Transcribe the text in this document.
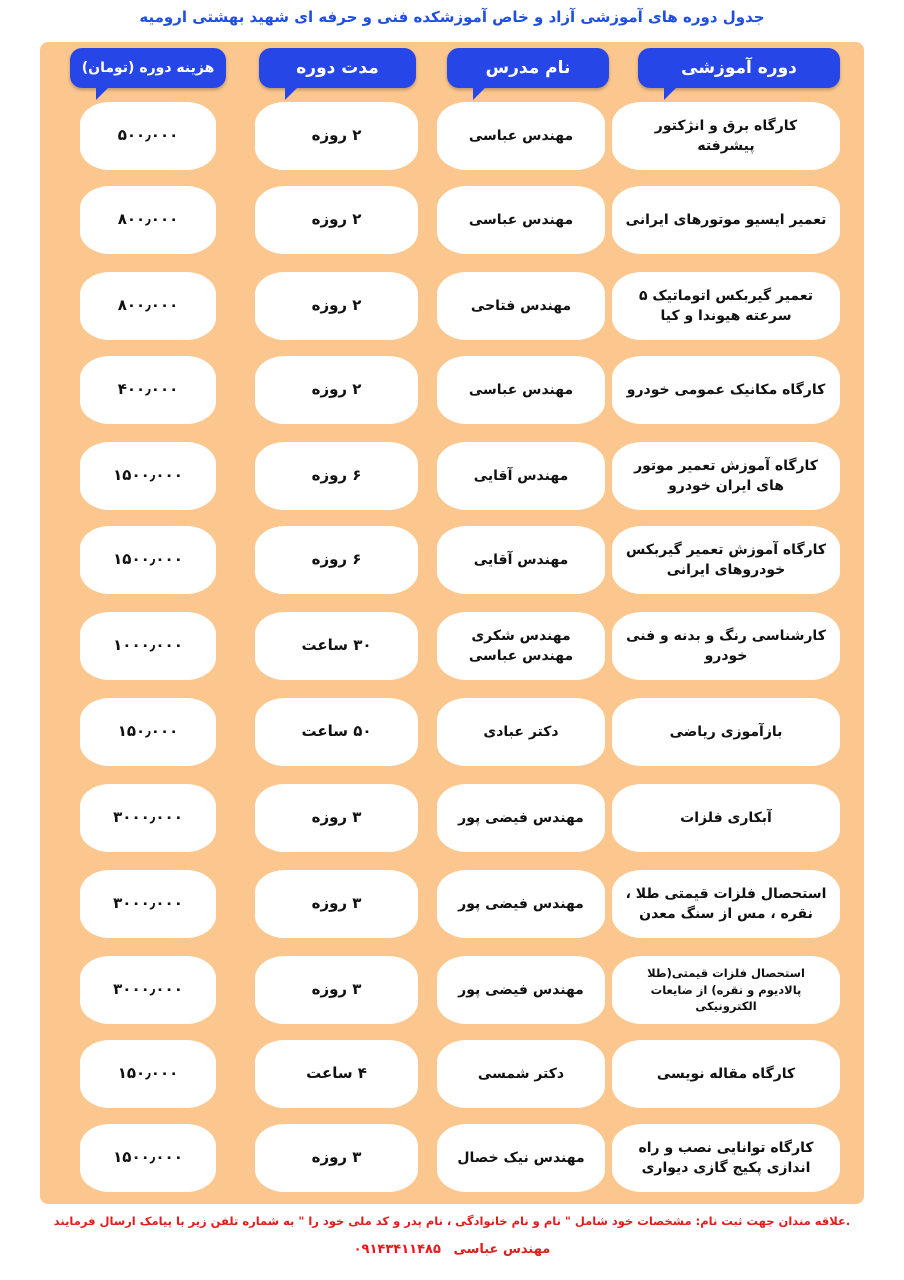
جدول دوره های آموزشی آزاد و خاص آموزشکده فنی و حرفه ای شهید بهشتی ارومیه
دوره آموزشی
نام مدرس
مدت دوره
هزینه دوره (تومان)
کارگاه برق و انژکتور پیشرفته
مهندس عباسی
۲ روزه
۵۰۰٫۰۰۰
تعمیر ایسیو موتورهای ایرانی
مهندس عباسی
۲ روزه
۸۰۰٫۰۰۰
تعمیر گیربکس اتوماتیک ۵ سرعته هیوندا و کیا
مهندس فتاحی
۲ روزه
۸۰۰٫۰۰۰
کارگاه مکانیک عمومی خودرو
مهندس عباسی
۲ روزه
۴۰۰٫۰۰۰
کارگاه آموزش تعمیر موتور های ایران خودرو
مهندس آقایی
۶ روزه
۱۵۰۰٫۰۰۰
کارگاه آموزش تعمیر گیربکس خودروهای ایرانی
مهندس آقایی
۶ روزه
۱۵۰۰٫۰۰۰
کارشناسی رنگ و بدنه و فنی خودرو
مهندس شکری مهندس عباسی
۳۰ ساعت
۱۰۰۰٫۰۰۰
بازآموزی ریاضی
دکتر عبادی
۵۰ ساعت
۱۵۰٫۰۰۰
آبکاری فلزات
مهندس فیضی پور
۳ روزه
۳۰۰۰٫۰۰۰
استحصال فلزات قیمتی طلا ، نقره ، مس از سنگ معدن
مهندس فیضی پور
۳ روزه
۳۰۰۰٫۰۰۰
استحصال فلزات قیمتی(طلا پالادیوم و نقره) از ضایعات الکترونیکی
مهندس فیضی پور
۳ روزه
۳۰۰۰٫۰۰۰
کارگاه مقاله نویسی
دکتر شمسی
۴ ساعت
۱۵۰٫۰۰۰
کارگاه توانایی نصب و راه اندازی پکیج گازی دیواری
مهندس نیک خصال
۳ روزه
۱۵۰۰٫۰۰۰
.علاقه مندان جهت ثبت نام: مشخصات خود شامل " نام و نام خانوادگی ، نام پدر و کد ملی خود را " به شماره تلفن زیر با پیامک ارسال فرمایند
مهندس عباسی ۰۹۱۴۳۴۱۱۴۸۵
